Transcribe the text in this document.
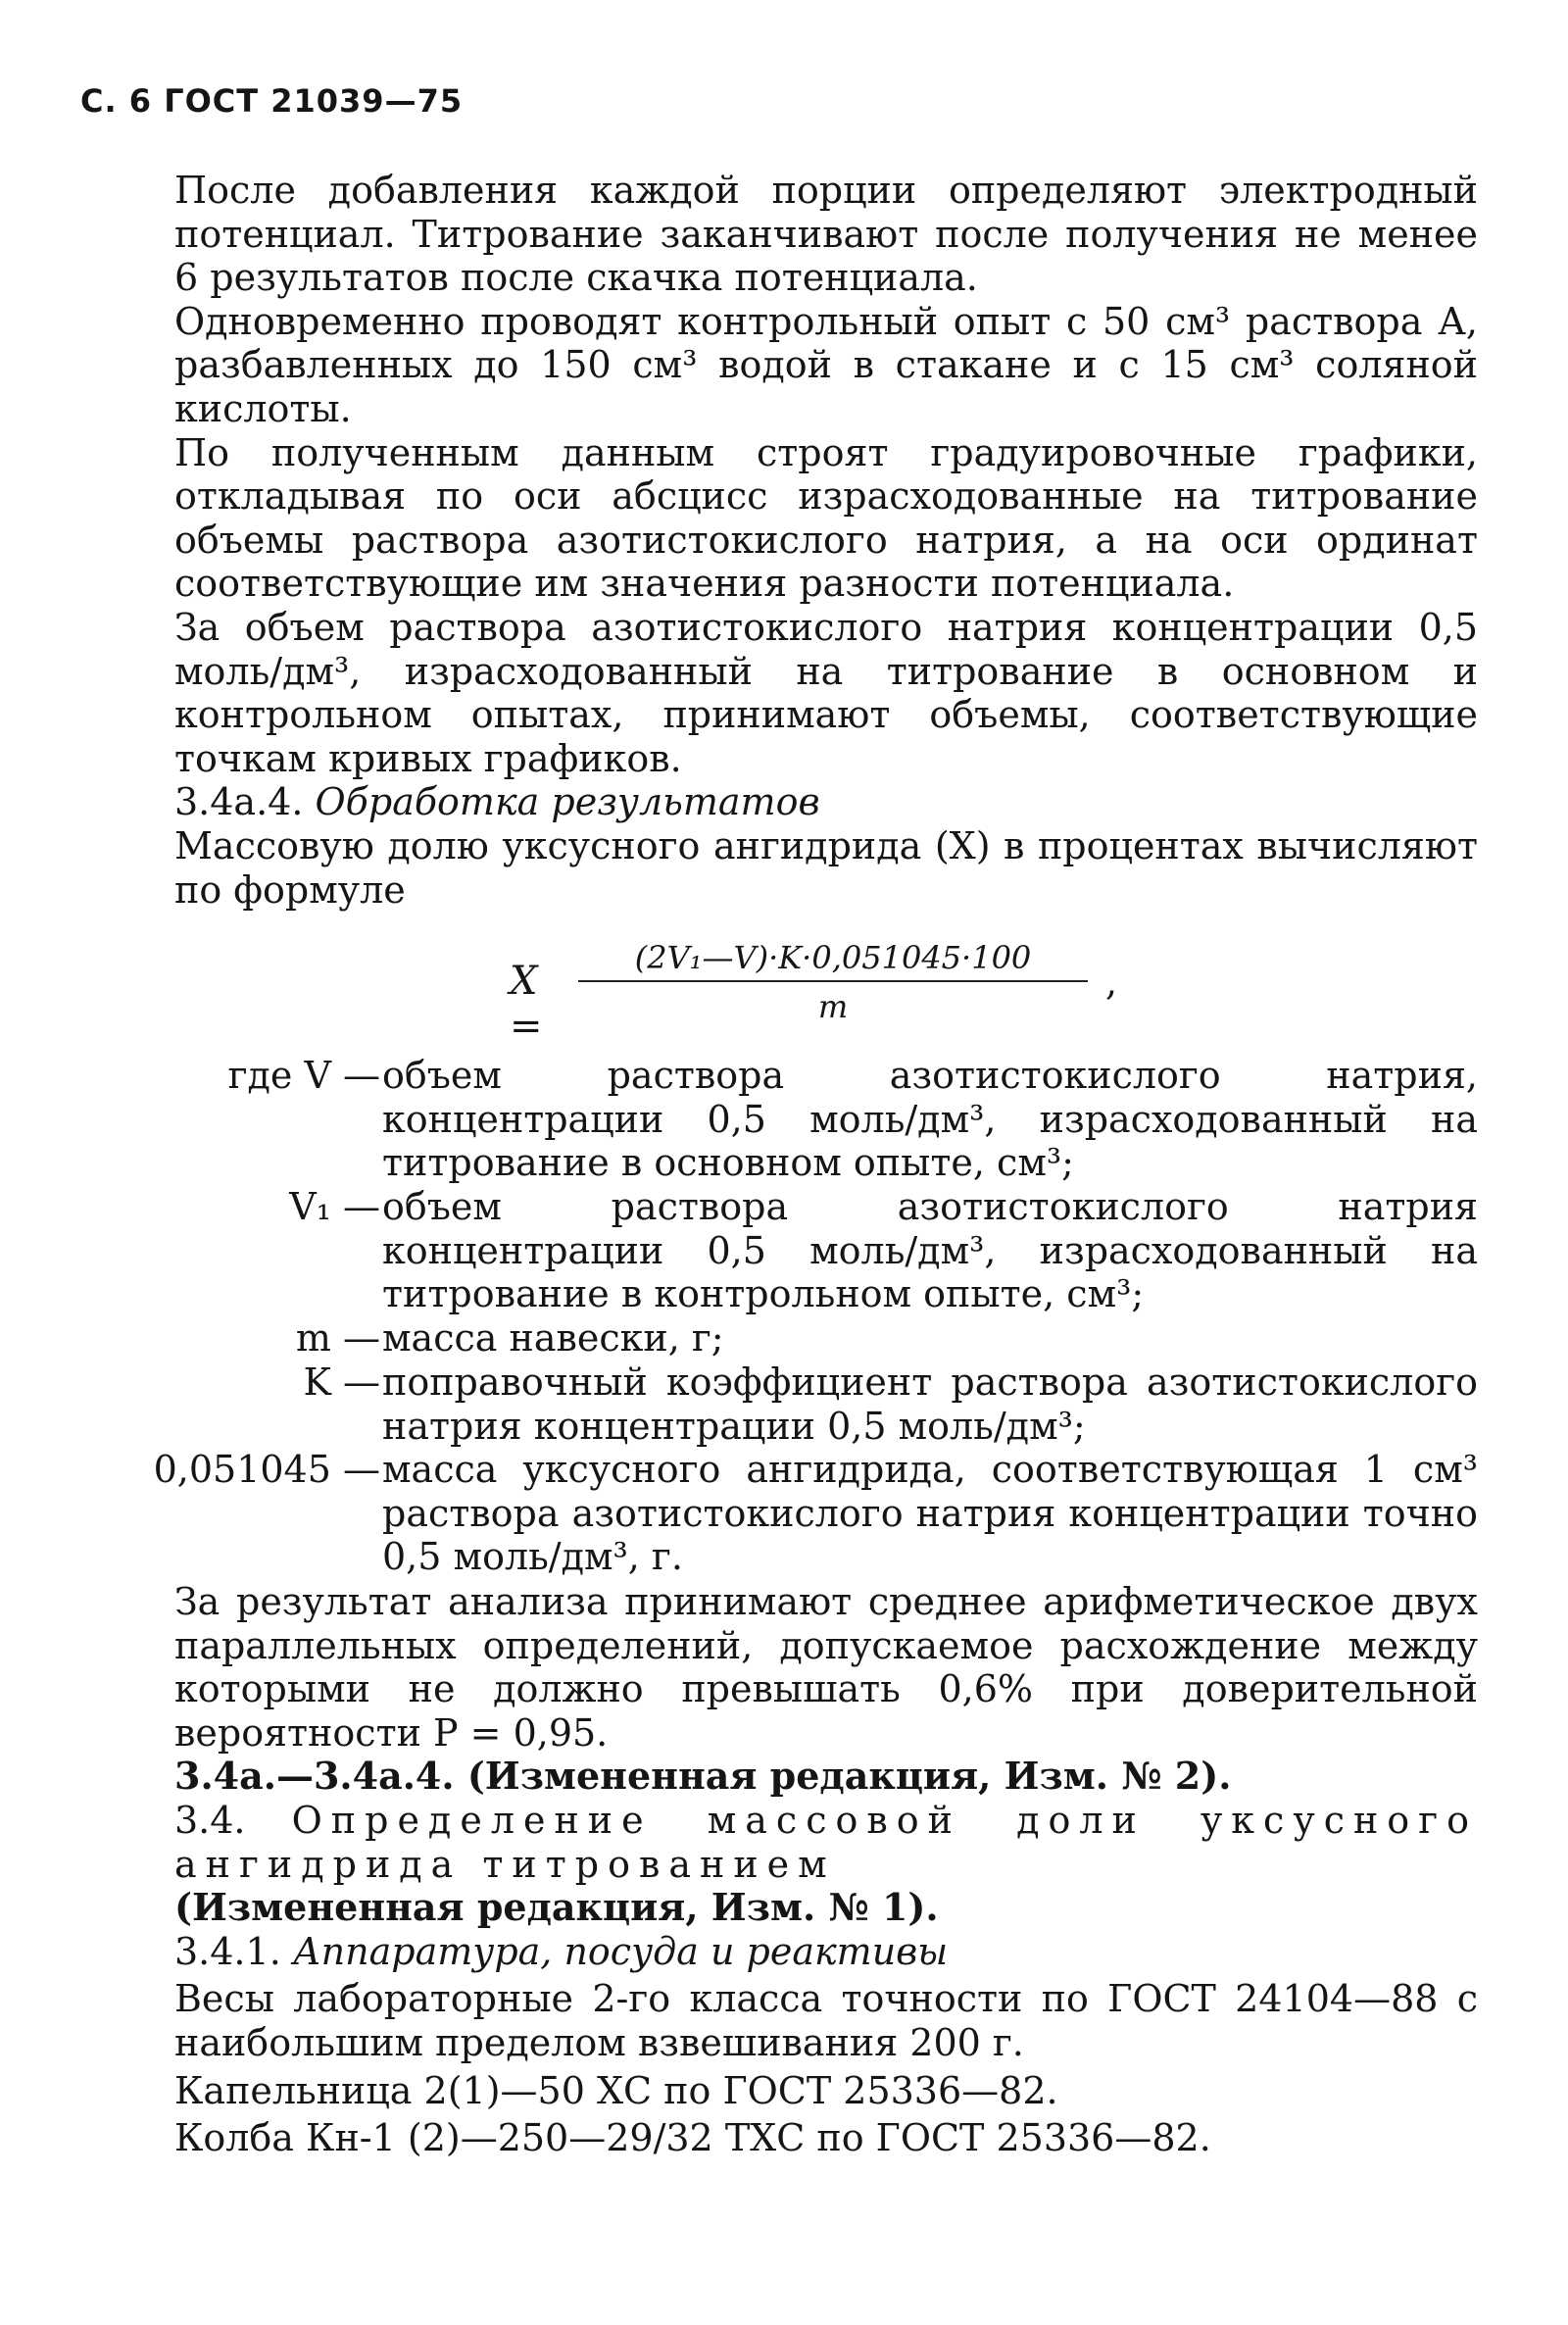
С. 6 ГОСТ 21039—75

После добавления каждой порции определяют электродный потенциал. Титрование заканчивают после получения не менее 6 результатов после скачка потенциала.

Одновременно проводят контрольный опыт с 50 см³ раствора А, разбавленных до 150 см³ водой в стакане и с 15 см³ соляной кислоты.

По полученным данным строят градуировочные графики, откладывая по оси абсцисс израсходованные на титрование объемы раствора азотистокислого натрия, а на оси ординат соответствующие им значения разности потенциала.

За объем раствора азотистокислого натрия концентрации 0,5 моль/дм³, израсходованный на титрование в основном и контрольном опытах, принимают объемы, соответствующие точкам кривых графиков.

3.4а.4. Обработка результатов

Массовую долю уксусного ангидрида (X) в процентах вычисляют по формуле

X =
$\frac{\text{(2V₁—V)·K·0,051045·100}}{m}$ ,
где V — объем раствора азотистокислого натрия, концентрации 0,5 моль/дм³, израсходованный на титрование в основном опыте, см³;
V₁ — объем раствора азотистокислого натрия концентрации 0,5 моль/дм³, израсходованный на титрование в контрольном опыте, см³;
m — масса навески, г;
K — поправочный коэффициент раствора азотистокислого натрия концентрации 0,5 моль/дм³;
0,051045 — масса уксусного ангидрида, соответствующая 1 см³ раствора азотистокислого натрия концентрации точно 0,5 моль/дм³, г.

За результат анализа принимают среднее арифметическое двух параллельных определений, допускаемое расхождение между которыми не должно превышать 0,6% при доверительной вероятности P = 0,95.

3.4а.—3.4а.4. (Измененная редакция, Изм. № 2).

3.4. Определение массовой доли уксусного ангидрида титрованием

(Измененная редакция, Изм. № 1).

3.4.1. Аппаратура, посуда и реактивы

Весы лабораторные 2-го класса точности по ГОСТ 24104—88 с наибольшим пределом взвешивания 200 г.

Капельница 2(1)—50 ХС по ГОСТ 25336—82.

Колба Кн-1 (2)—250—29/32 ТХС по ГОСТ 25336—82.
